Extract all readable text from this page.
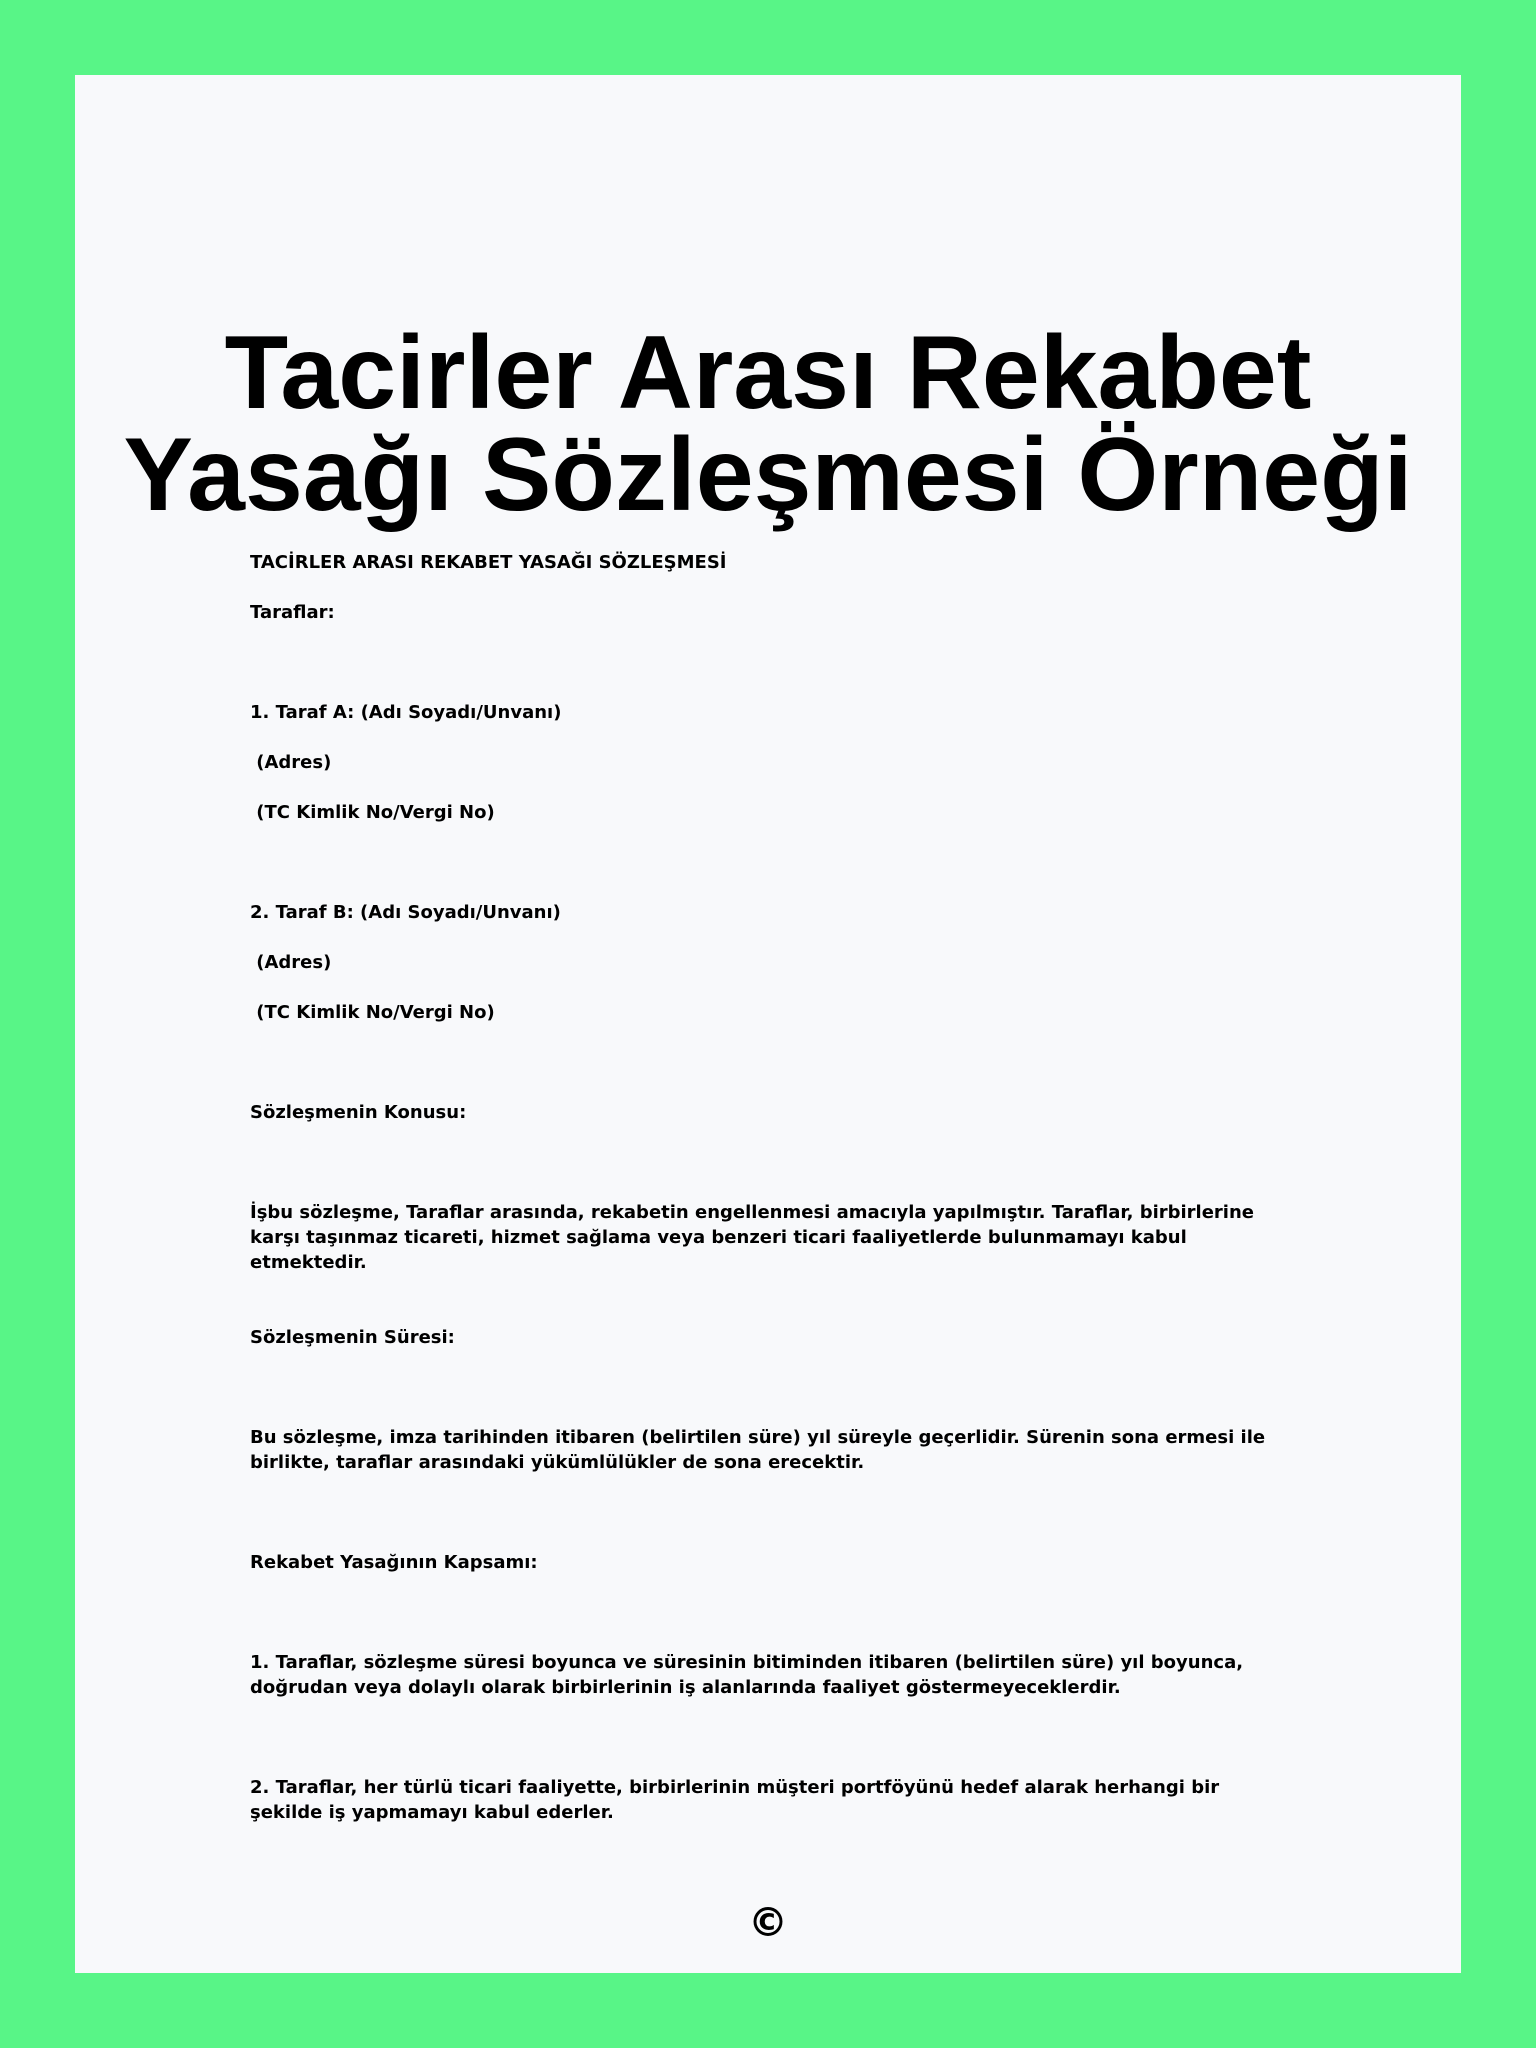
Tacirler Arası Rekabet
Yasağı Sözleşmesi Örneği
TACİRLER ARASI REKABET YASAĞI SÖZLEŞMESİ
Taraflar:
1. Taraf A: (Adı Soyadı/Unvanı)
(Adres)
(TC Kimlik No/Vergi No)
2. Taraf B: (Adı Soyadı/Unvanı)
(Adres)
(TC Kimlik No/Vergi No)
Sözleşmenin Konusu:
İşbu sözleşme, Taraflar arasında, rekabetin engellenmesi amacıyla yapılmıştır. Taraflar, birbirlerine karşı taşınmaz ticareti, hizmet sağlama veya benzeri ticari faaliyetlerde bulunmamayı kabul etmektedir.
Sözleşmenin Süresi:
Bu sözleşme, imza tarihinden itibaren (belirtilen süre) yıl süreyle geçerlidir. Sürenin sona ermesi ile birlikte, taraflar arasındaki yükümlülükler de sona erecektir.
Rekabet Yasağının Kapsamı:
1. Taraflar, sözleşme süresi boyunca ve süresinin bitiminden itibaren (belirtilen süre) yıl boyunca, doğrudan veya dolaylı olarak birbirlerinin iş alanlarında faaliyet göstermeyeceklerdir.
2. Taraflar, her türlü ticari faaliyette, birbirlerinin müşteri portföyünü hedef alarak herhangi bir şekilde iş yapmamayı kabul ederler.
©
